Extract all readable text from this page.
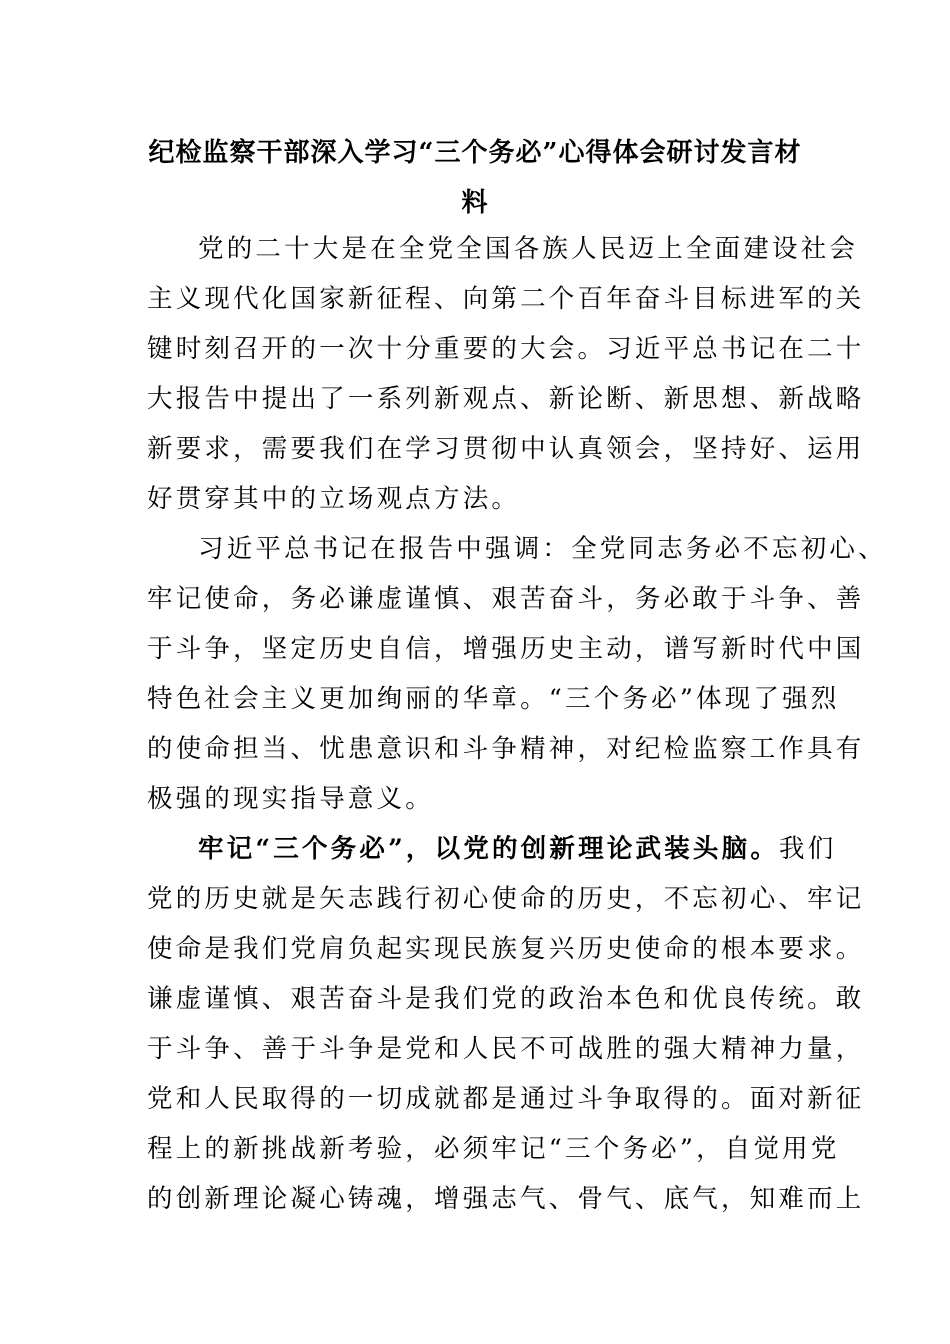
纪检监察干部深入学习“三个务必”心得体会研讨发言材
料
党的二十大是在全党全国各族人民迈上全面建设社会
主义现代化国家新征程、向第二个百年奋斗目标进军的关
键时刻召开的一次十分重要的大会。习近平总书记在二十
大报告中提出了一系列新观点、新论断、新思想、新战略
新要求，需要我们在学习贯彻中认真领会，坚持好、运用
好贯穿其中的立场观点方法。
习近平总书记在报告中强调：全党同志务必不忘初心、
牢记使命，务必谦虚谨慎、艰苦奋斗，务必敢于斗争、善
于斗争，坚定历史自信，增强历史主动，谱写新时代中国
特色社会主义更加绚丽的华章。“三个务必”体现了强烈
的使命担当、忧患意识和斗争精神，对纪检监察工作具有
极强的现实指导意义。
牢记“三个务必”，以党的创新理论武装头脑。我们
党的历史就是矢志践行初心使命的历史，不忘初心、牢记
使命是我们党肩负起实现民族复兴历史使命的根本要求。
谦虚谨慎、艰苦奋斗是我们党的政治本色和优良传统。敢
于斗争、善于斗争是党和人民不可战胜的强大精神力量，
党和人民取得的一切成就都是通过斗争取得的。面对新征
程上的新挑战新考验，必须牢记“三个务必”，自觉用党
的创新理论凝心铸魂，增强志气、骨气、底气，知难而上
